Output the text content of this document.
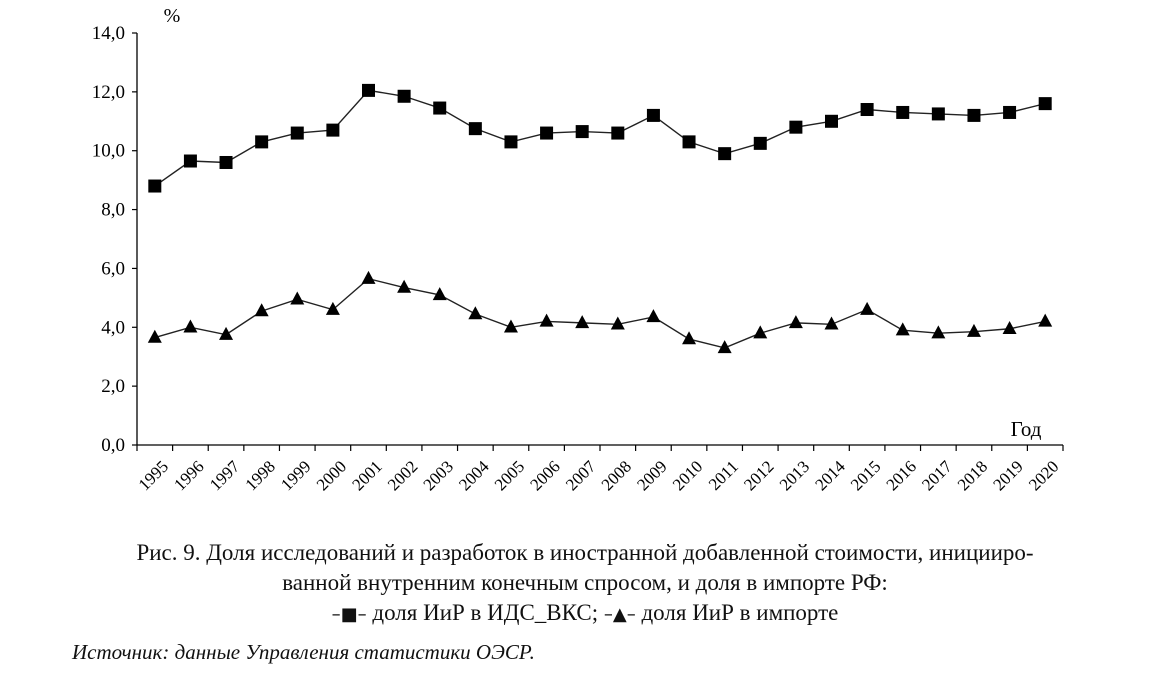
0,0
2,0
4,0
6,0
8,0
10,0
12,0
14,0
1995
1996
1997
1998
1999
2000
2001
2002
2003
2004
2005
2006
2007
2008
2009
2010
2011
2012
2013
2014
2015
2016
2017
2018
2019
2020
%
Год
Рис. 9. Доля исследований и разработок в иностранной добавленной стоимости, иницииро-
ванной внутренним конечным спросом, и доля в импорте РФ:
–■– доля ИиР в ИДС_ВКС; –▲– доля ИиР в импорте
Источник: данные Управления статистики ОЭСР.
